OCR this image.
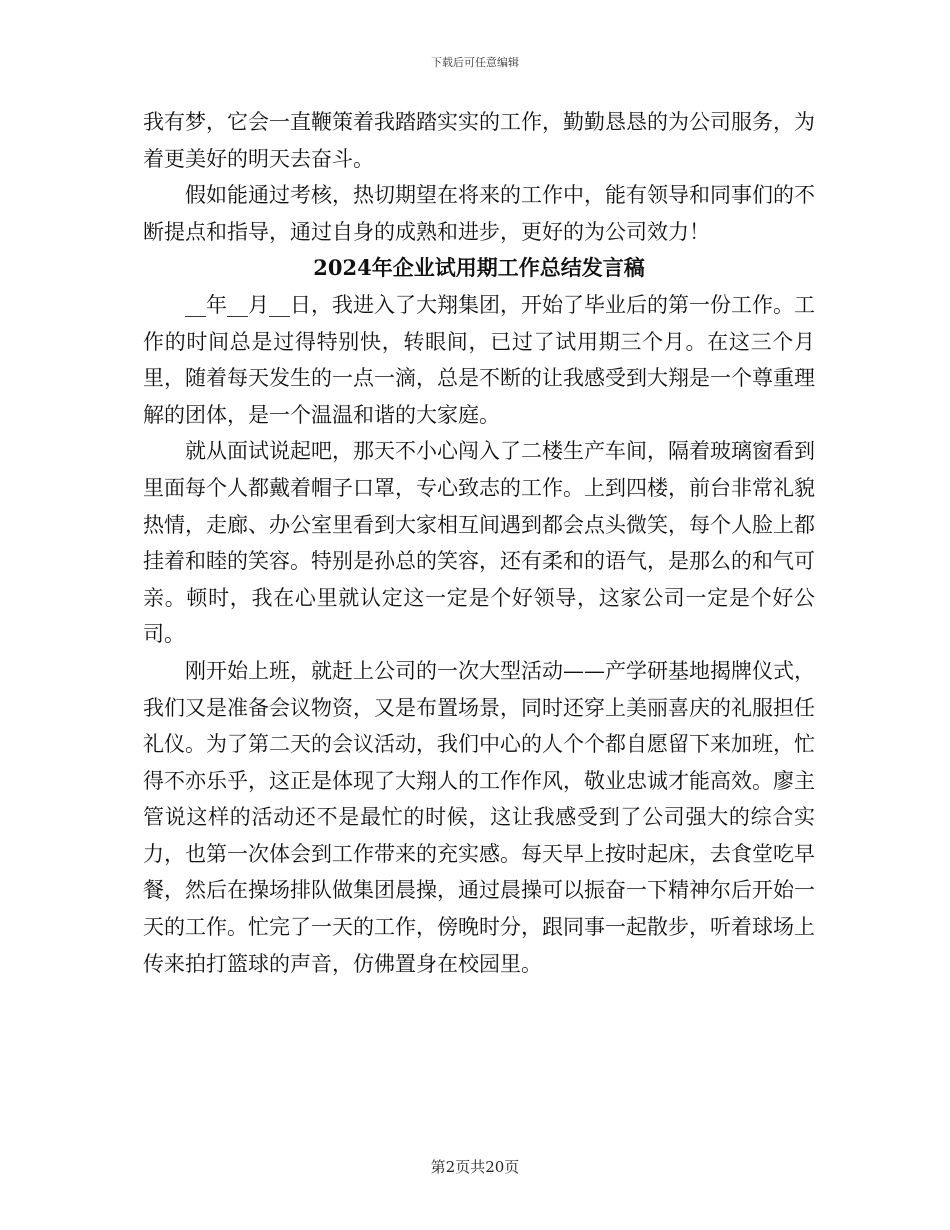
下载后可任意编辑

我有梦，它会一直鞭策着我踏踏实实的工作，勤勤恳恳的为公司服务，为着更美好的明天去奋斗。

假如能通过考核，热切期望在将来的工作中，能有领导和同事们的不断提点和指导，通过自身的成熟和进步，更好的为公司效力！

2024年企业试用期工作总结发言稿

__年__月__日，我进入了大翔集团，开始了毕业后的第一份工作。工作的时间总是过得特别快，转眼间，已过了试用期三个月。在这三个月里，随着每天发生的一点一滴，总是不断的让我感受到大翔是一个尊重理解的团体，是一个温温和谐的大家庭。

就从面试说起吧，那天不小心闯入了二楼生产车间，隔着玻璃窗看到里面每个人都戴着帽子口罩，专心致志的工作。上到四楼，前台非常礼貌热情，走廊、办公室里看到大家相互间遇到都会点头微笑，每个人脸上都挂着和睦的笑容。特别是孙总的笑容，还有柔和的语气，是那么的和气可亲。顿时，我在心里就认定这一定是个好领导，这家公司一定是个好公司。

刚开始上班，就赶上公司的一次大型活动——产学研基地揭牌仪式，我们又是准备会议物资，又是布置场景，同时还穿上美丽喜庆的礼服担任礼仪。为了第二天的会议活动，我们中心的人个个都自愿留下来加班，忙得不亦乐乎，这正是体现了大翔人的工作作风，敬业忠诚才能高效。廖主管说这样的活动还不是最忙的时候，这让我感受到了公司强大的综合实力，也第一次体会到工作带来的充实感。每天早上按时起床，去食堂吃早餐，然后在操场排队做集团晨操，通过晨操可以振奋一下精神尔后开始一天的工作。忙完了一天的工作，傍晚时分，跟同事一起散步，听着球场上传来拍打篮球的声音，仿佛置身在校园里。

第2页共20页
